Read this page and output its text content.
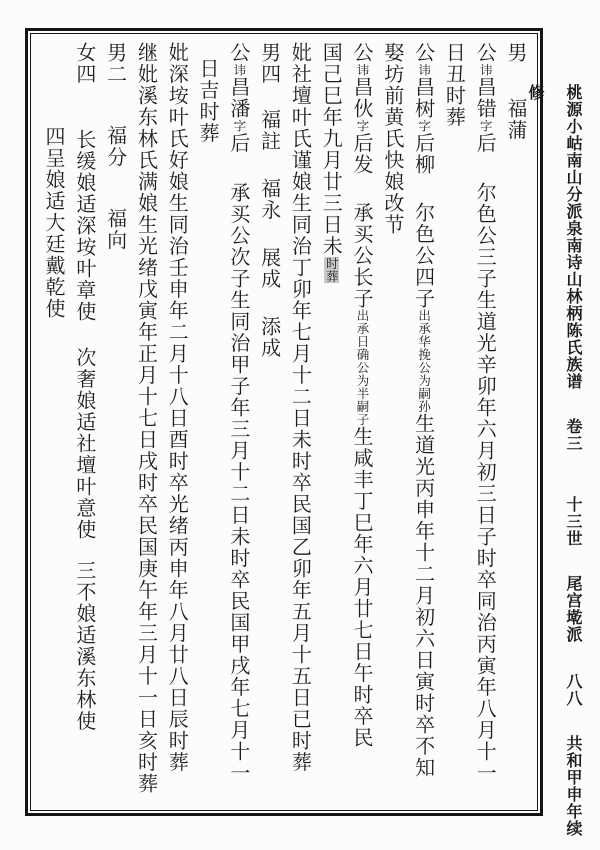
男福蒲
公讳昌错字后尔色公三子生道光辛卯年六月初三日子时卒同治丙寅年八月十一
日丑时葬
公讳昌树字后柳尔色公四子出承华挽公为嗣孙生道光丙申年十二月初六日寅时卒不知
娶坊前黄氏快娘改节
公讳昌伙字后发承买公长子出承日确公为半嗣子生咸丰丁巳年六月廿七日午时卒民
国己巳年九月廿三日未时葬
妣社壇叶氏谨娘生同治丁卯年七月十二日未时卒民国乙卯年五月十五日已时葬
男四福註福永展成添成
公讳昌潘字后承买公次子生同治甲子年三月十二日未时卒民国甲戌年七月十一
日吉时葬
妣深垵叶氏好娘生同治壬申年二月十八日酉时卒光绪丙申年八月廿八日辰时葬
继妣溪东林氏满娘生光绪戊寅年正月十七日戌时卒民国庚午年三月十一日亥时葬
男二福分福向
女四长缓娘适深垵叶章使次奢娘适社壇叶意使三不娘适溪东林使
四呈娘适大廷戴乾使	桃源小岵南山分派泉南诗山林柄陈氏族谱卷三十三世尾宫墘派八八共和甲申年续修
